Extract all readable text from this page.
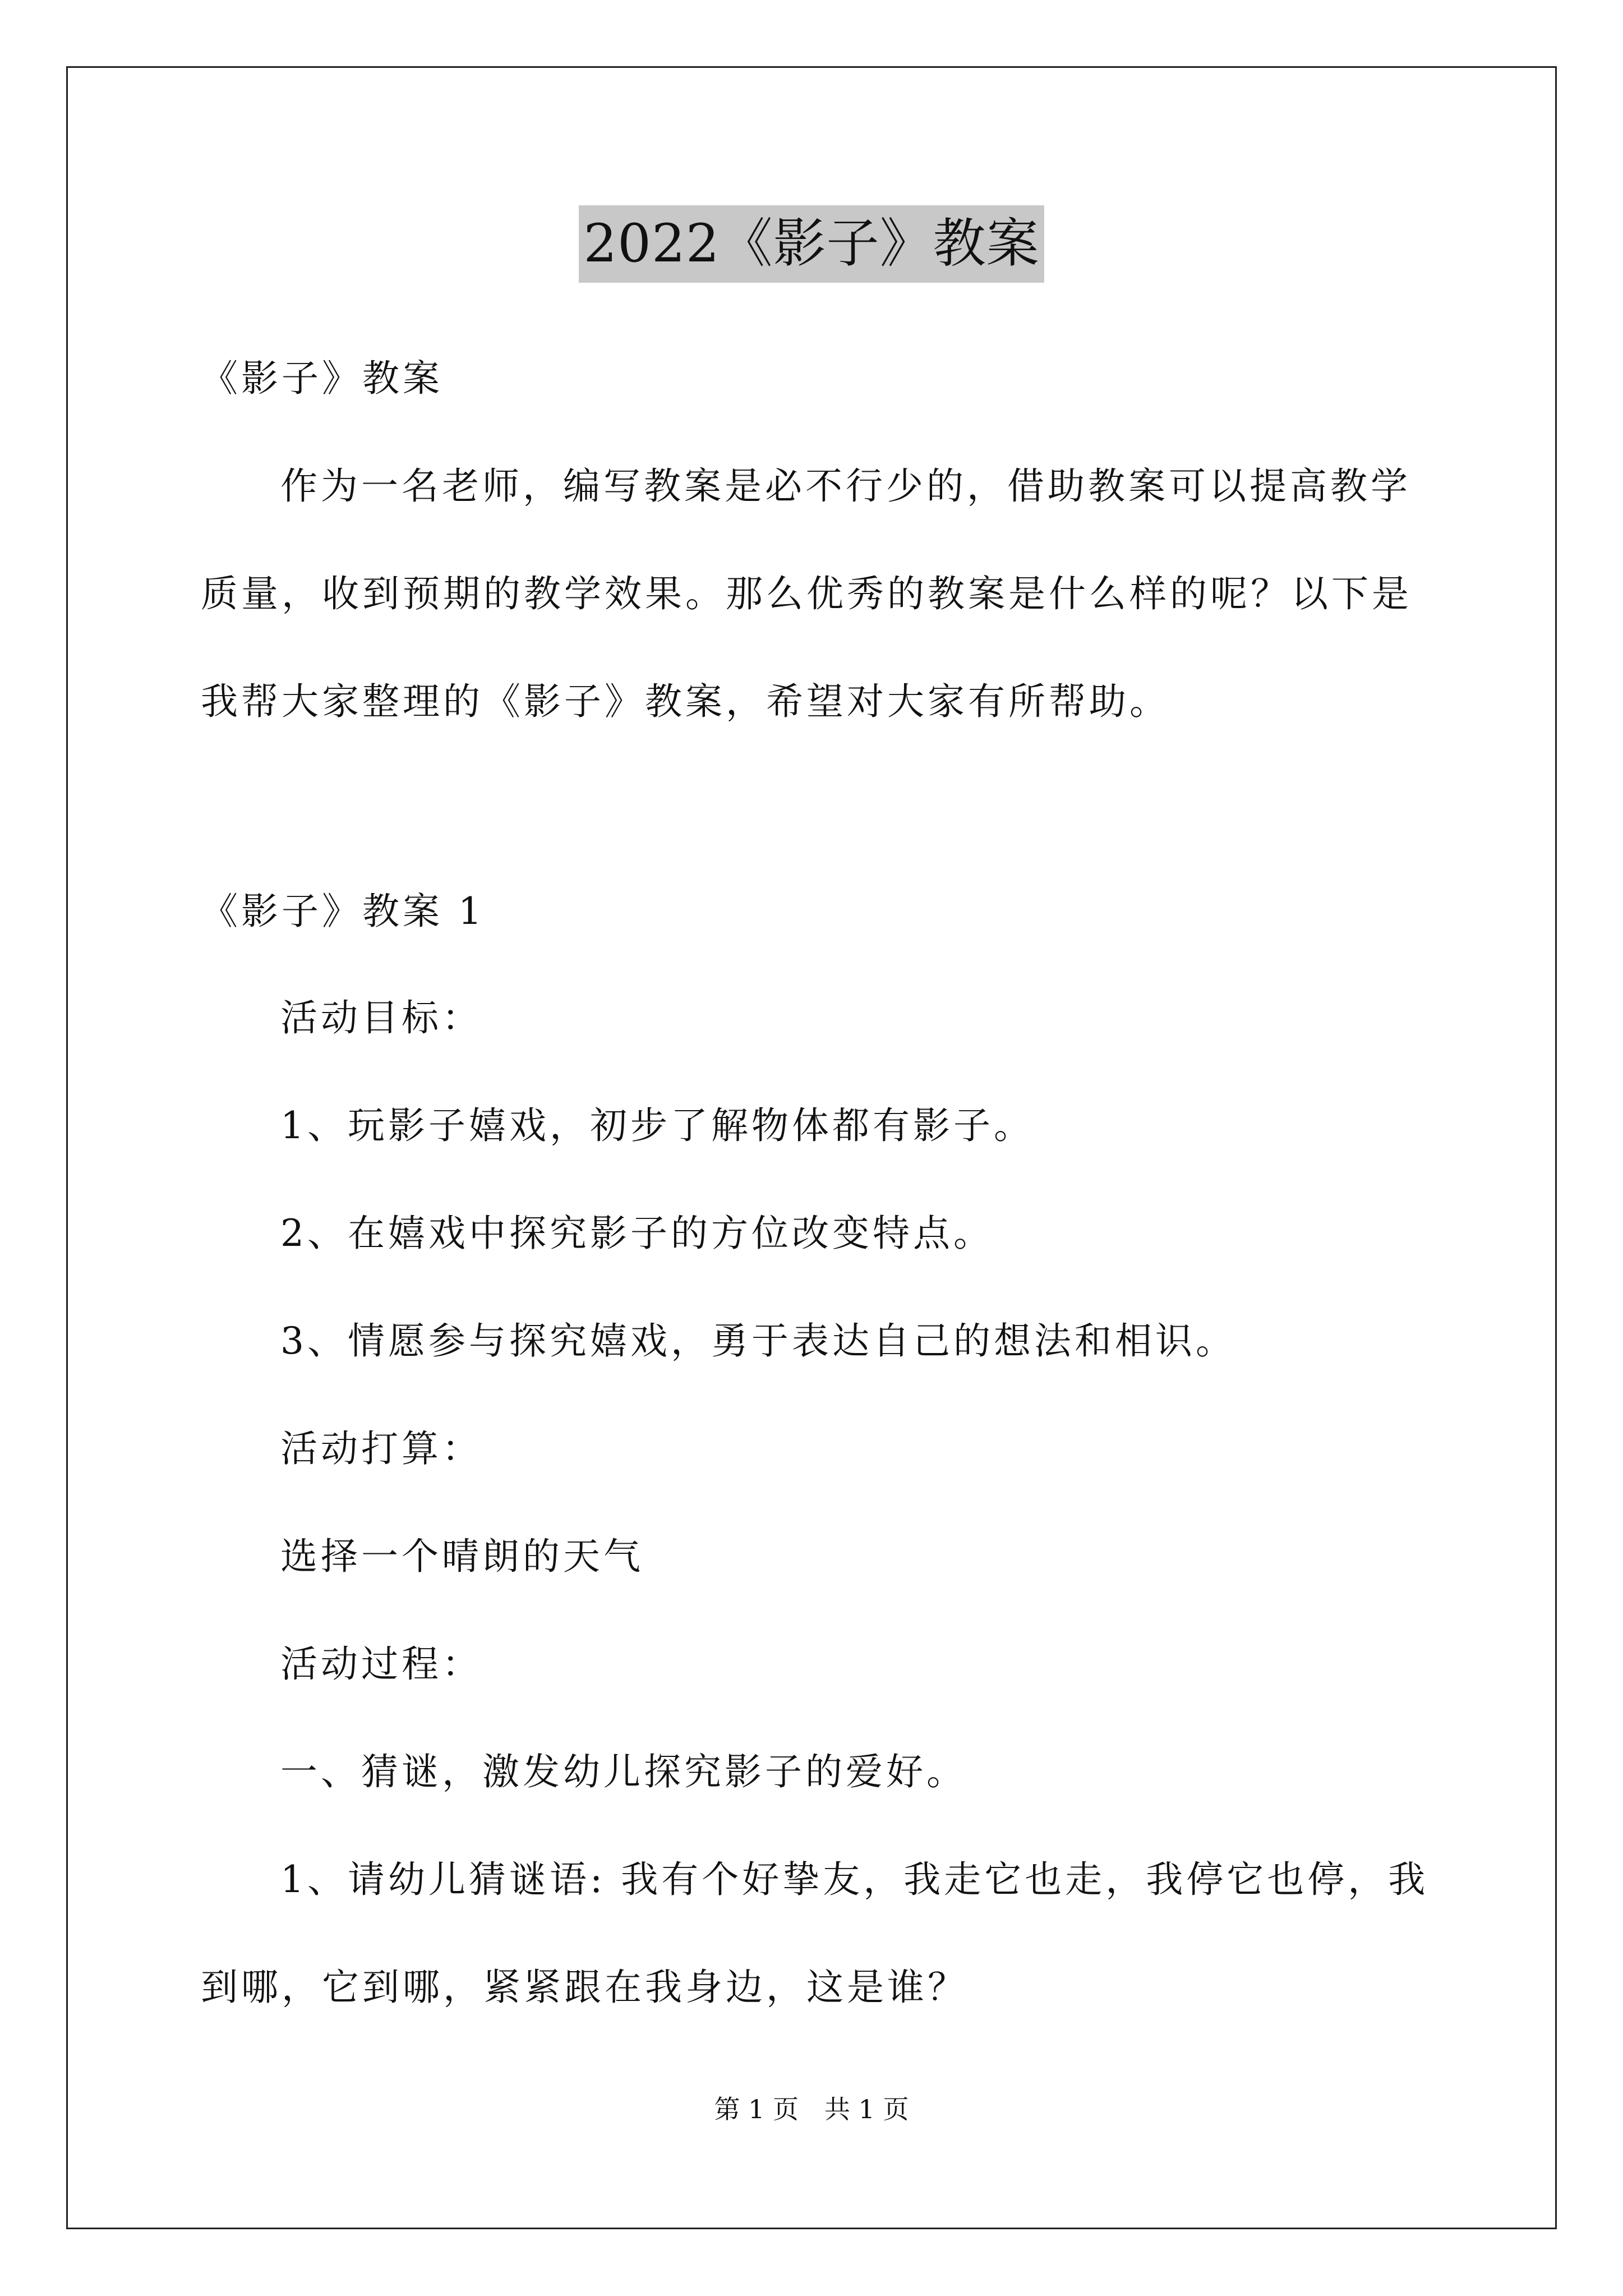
2022《影子》教案
《影子》教案
作为一名老师，编写教案是必不行少的，借助教案可以提高教学
质量，收到预期的教学效果。那么优秀的教案是什么样的呢？以下是
我帮大家整理的《影子》教案，希望对大家有所帮助。
《影子》教案 1
活动目标：
1、玩影子嬉戏，初步了解物体都有影子。
2、在嬉戏中探究影子的方位改变特点。
3、情愿参与探究嬉戏，勇于表达自己的想法和相识。
活动打算：
选择一个晴朗的天气
活动过程：
一、猜谜，激发幼儿探究影子的爱好。
1、请幼儿猜谜语: 我有个好挚友，我走它也走，我停它也停，我
到哪，它到哪，紧紧跟在我身边，这是谁？
第 1 页　共 1 页
